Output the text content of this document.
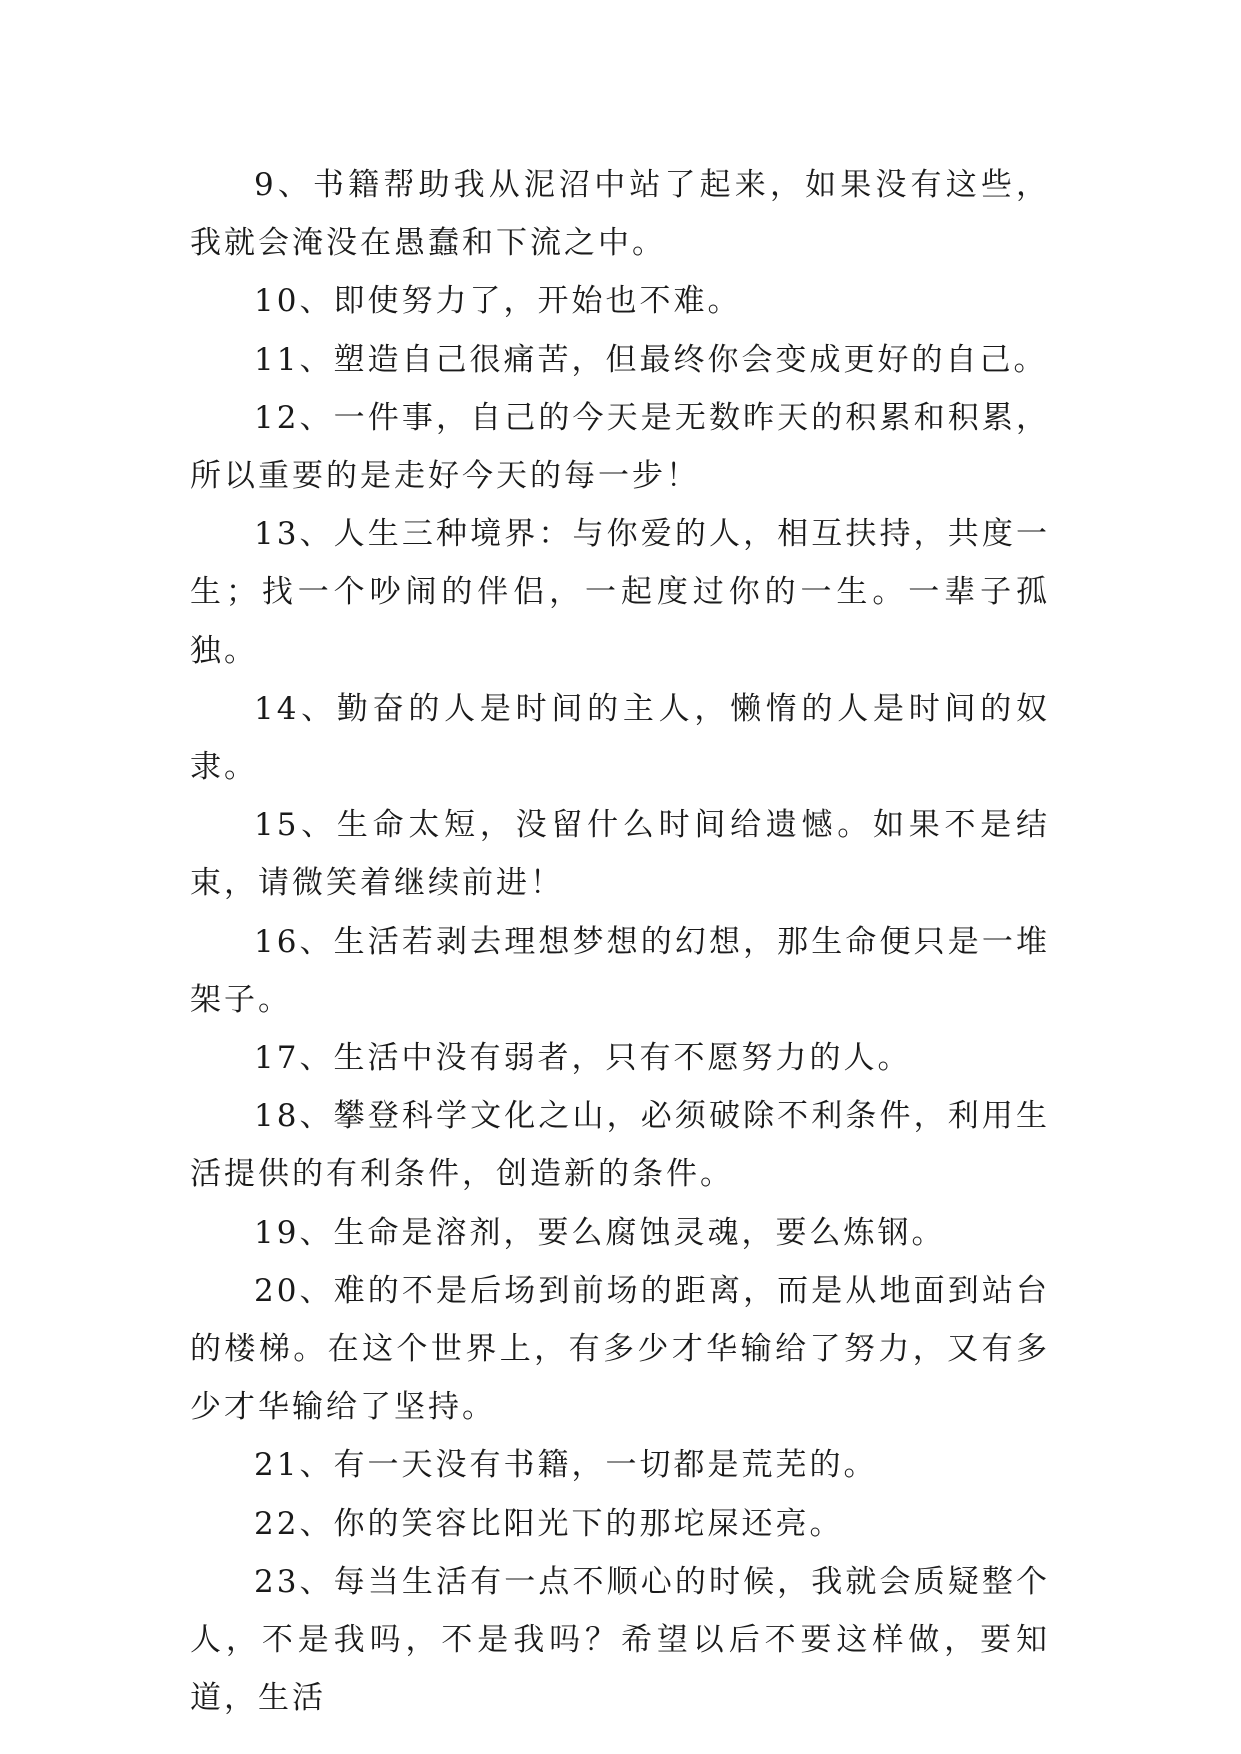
9、书籍帮助我从泥沼中站了起来，如果没有这些，我就会淹没在愚蠢和下流之中。

10、即使努力了，开始也不难。

11、塑造自己很痛苦，但最终你会变成更好的自己。

12、一件事，自己的今天是无数昨天的积累和积累，所以重要的是走好今天的每一步！

13、人生三种境界：与你爱的人，相互扶持，共度一生；找一个吵闹的伴侣，一起度过你的一生。一辈子孤独。

14、勤奋的人是时间的主人，懒惰的人是时间的奴隶。

15、生命太短，没留什么时间给遗憾。如果不是结束，请微笑着继续前进！

16、生活若剥去理想梦想的幻想，那生命便只是一堆架子。

17、生活中没有弱者，只有不愿努力的人。

18、攀登科学文化之山，必须破除不利条件，利用生活提供的有利条件，创造新的条件。

19、生命是溶剂，要么腐蚀灵魂，要么炼钢。

20、难的不是后场到前场的距离，而是从地面到站台的楼梯。在这个世界上，有多少才华输给了努力，又有多少才华输给了坚持。

21、有一天没有书籍，一切都是荒芜的。

22、你的笑容比阳光下的那坨屎还亮。

23、每当生活有一点不顺心的时候，我就会质疑整个人，不是我吗，不是我吗？希望以后不要这样做，要知道，生活
